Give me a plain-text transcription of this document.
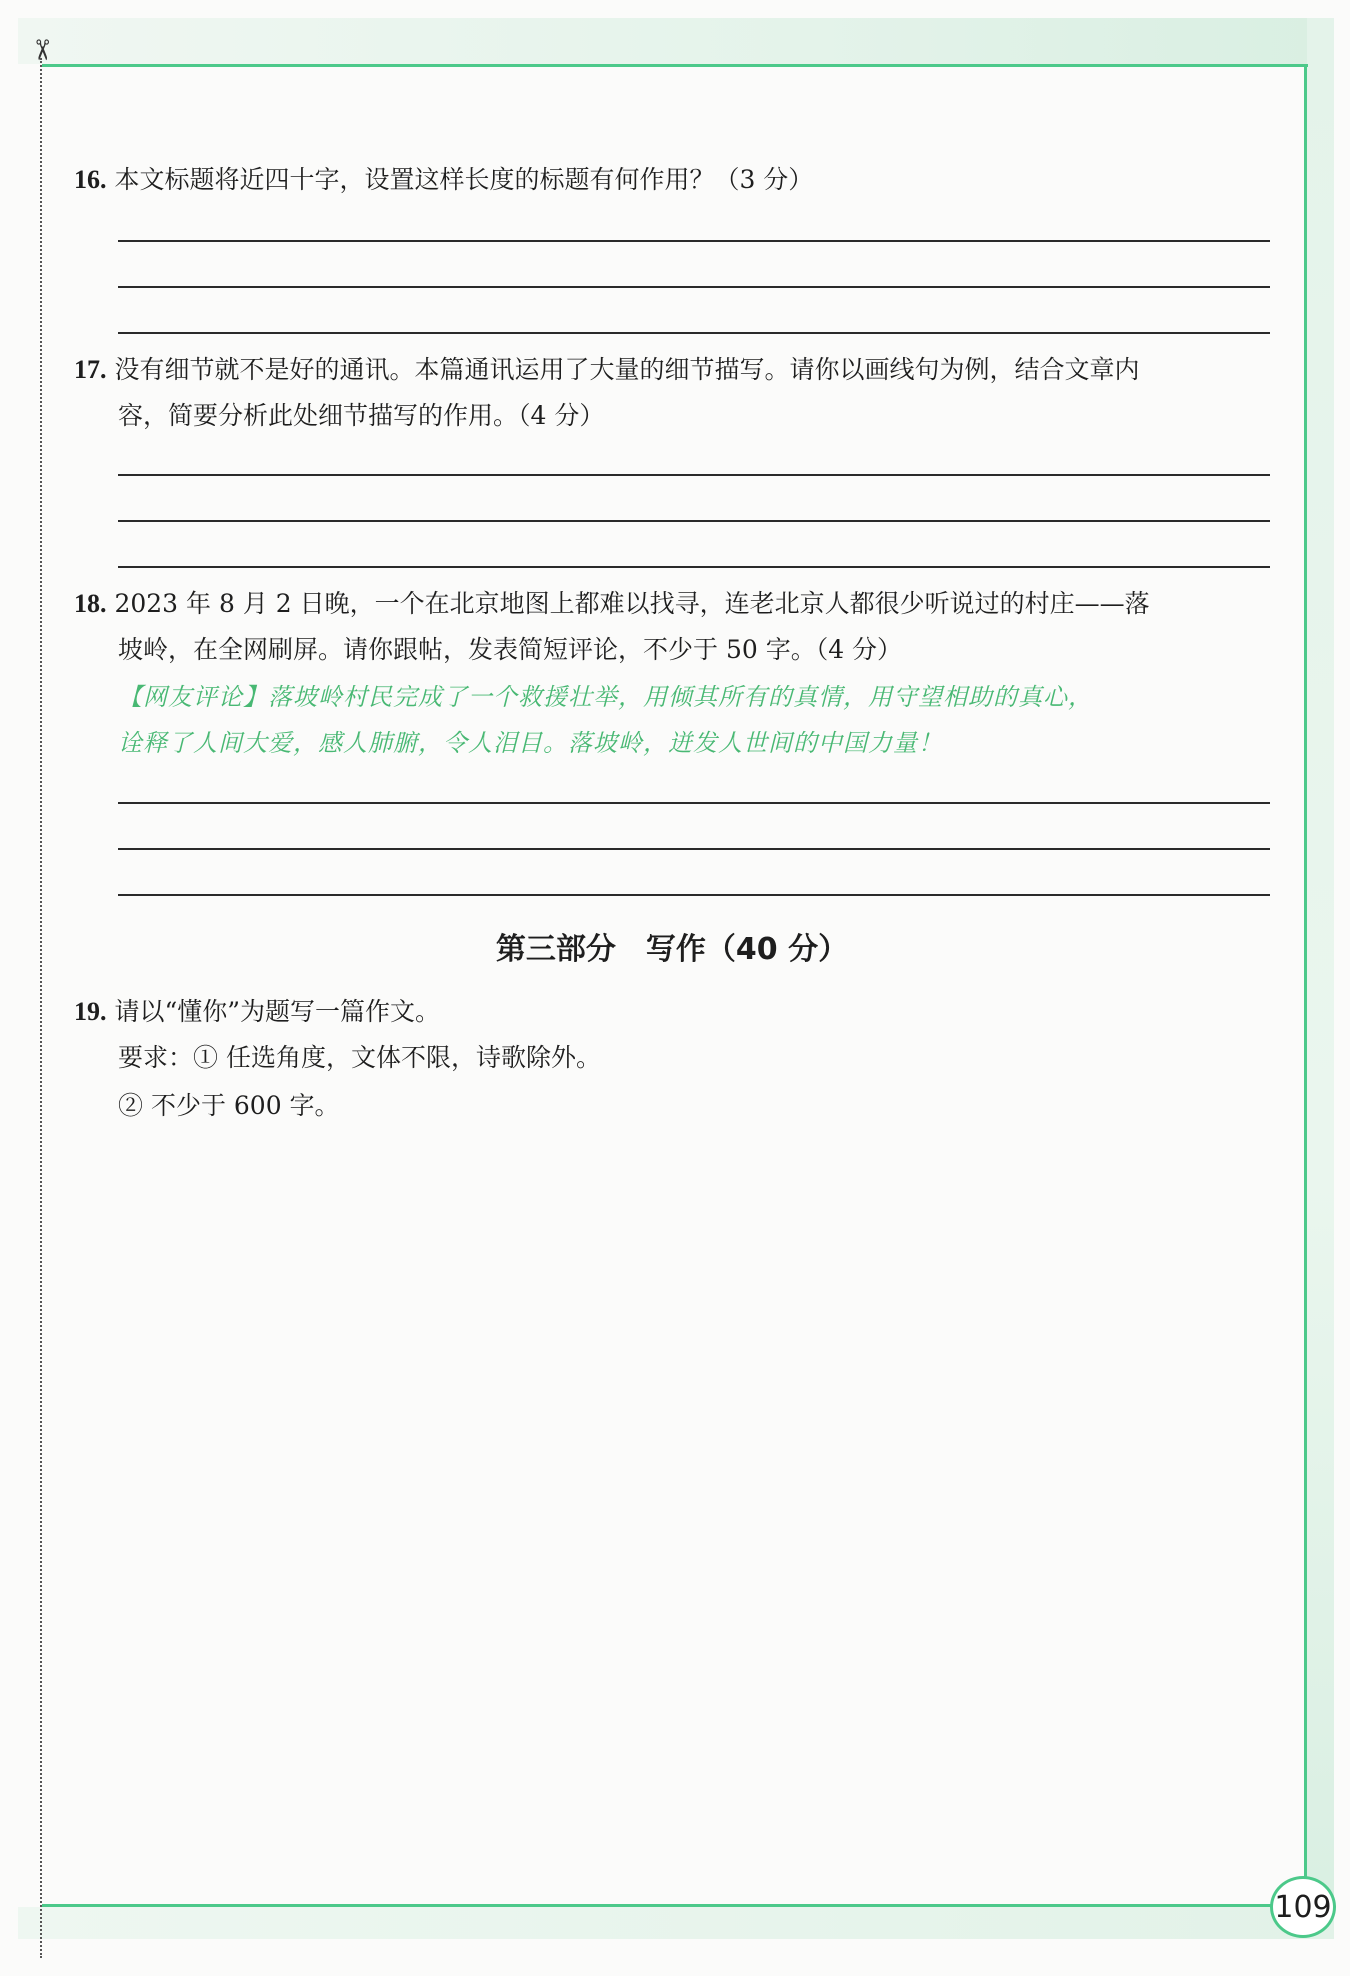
✂
109
16. 本文标题将近四十字，设置这样长度的标题有何作用？（3 分）
17. 没有细节就不是好的通讯。本篇通讯运用了大量的细节描写。请你以画线句为例，结合文章内
容，简要分析此处细节描写的作用。（4 分）
18. 2023 年 8 月 2 日晚，一个在北京地图上都难以找寻，连老北京人都很少听说过的村庄——落
坡岭，在全网刷屏。请你跟帖，发表简短评论，不少于 50 字。（4 分）
【网友评论】落坡岭村民完成了一个救援壮举，用倾其所有的真情，用守望相助的真心，
诠释了人间大爱，感人肺腑，令人泪目。落坡岭，迸发人世间的中国力量！
第三部分　写作（40 分）
19. 请以“懂你”为题写一篇作文。
要求：① 任选角度，文体不限，诗歌除外。
② 不少于 600 字。
